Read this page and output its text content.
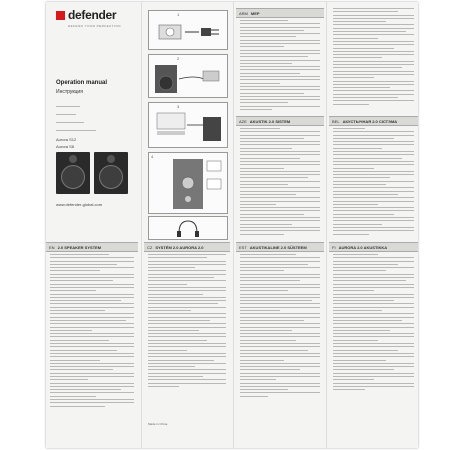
defender
DEFEND YOUR PERFECTION
Operation manual
Инструкция
Aurora S12
Aurora S8
www.defender-global.com
EN 2.0 SPEAKER SYSTEM
1
2
3
4
CZ SYSTÉM 2.0 AURORA 2.0
Made in China
ARM MEP
AZE AKUSTIK 2.0 SISTEM
EST AKUSTIKALINE 2.0 SÜSTEEM
BEL АКУСТЫЧНАЯ 2.0 СІСТЭМА
FI AURORA 2.0 AKUSTIKKA
